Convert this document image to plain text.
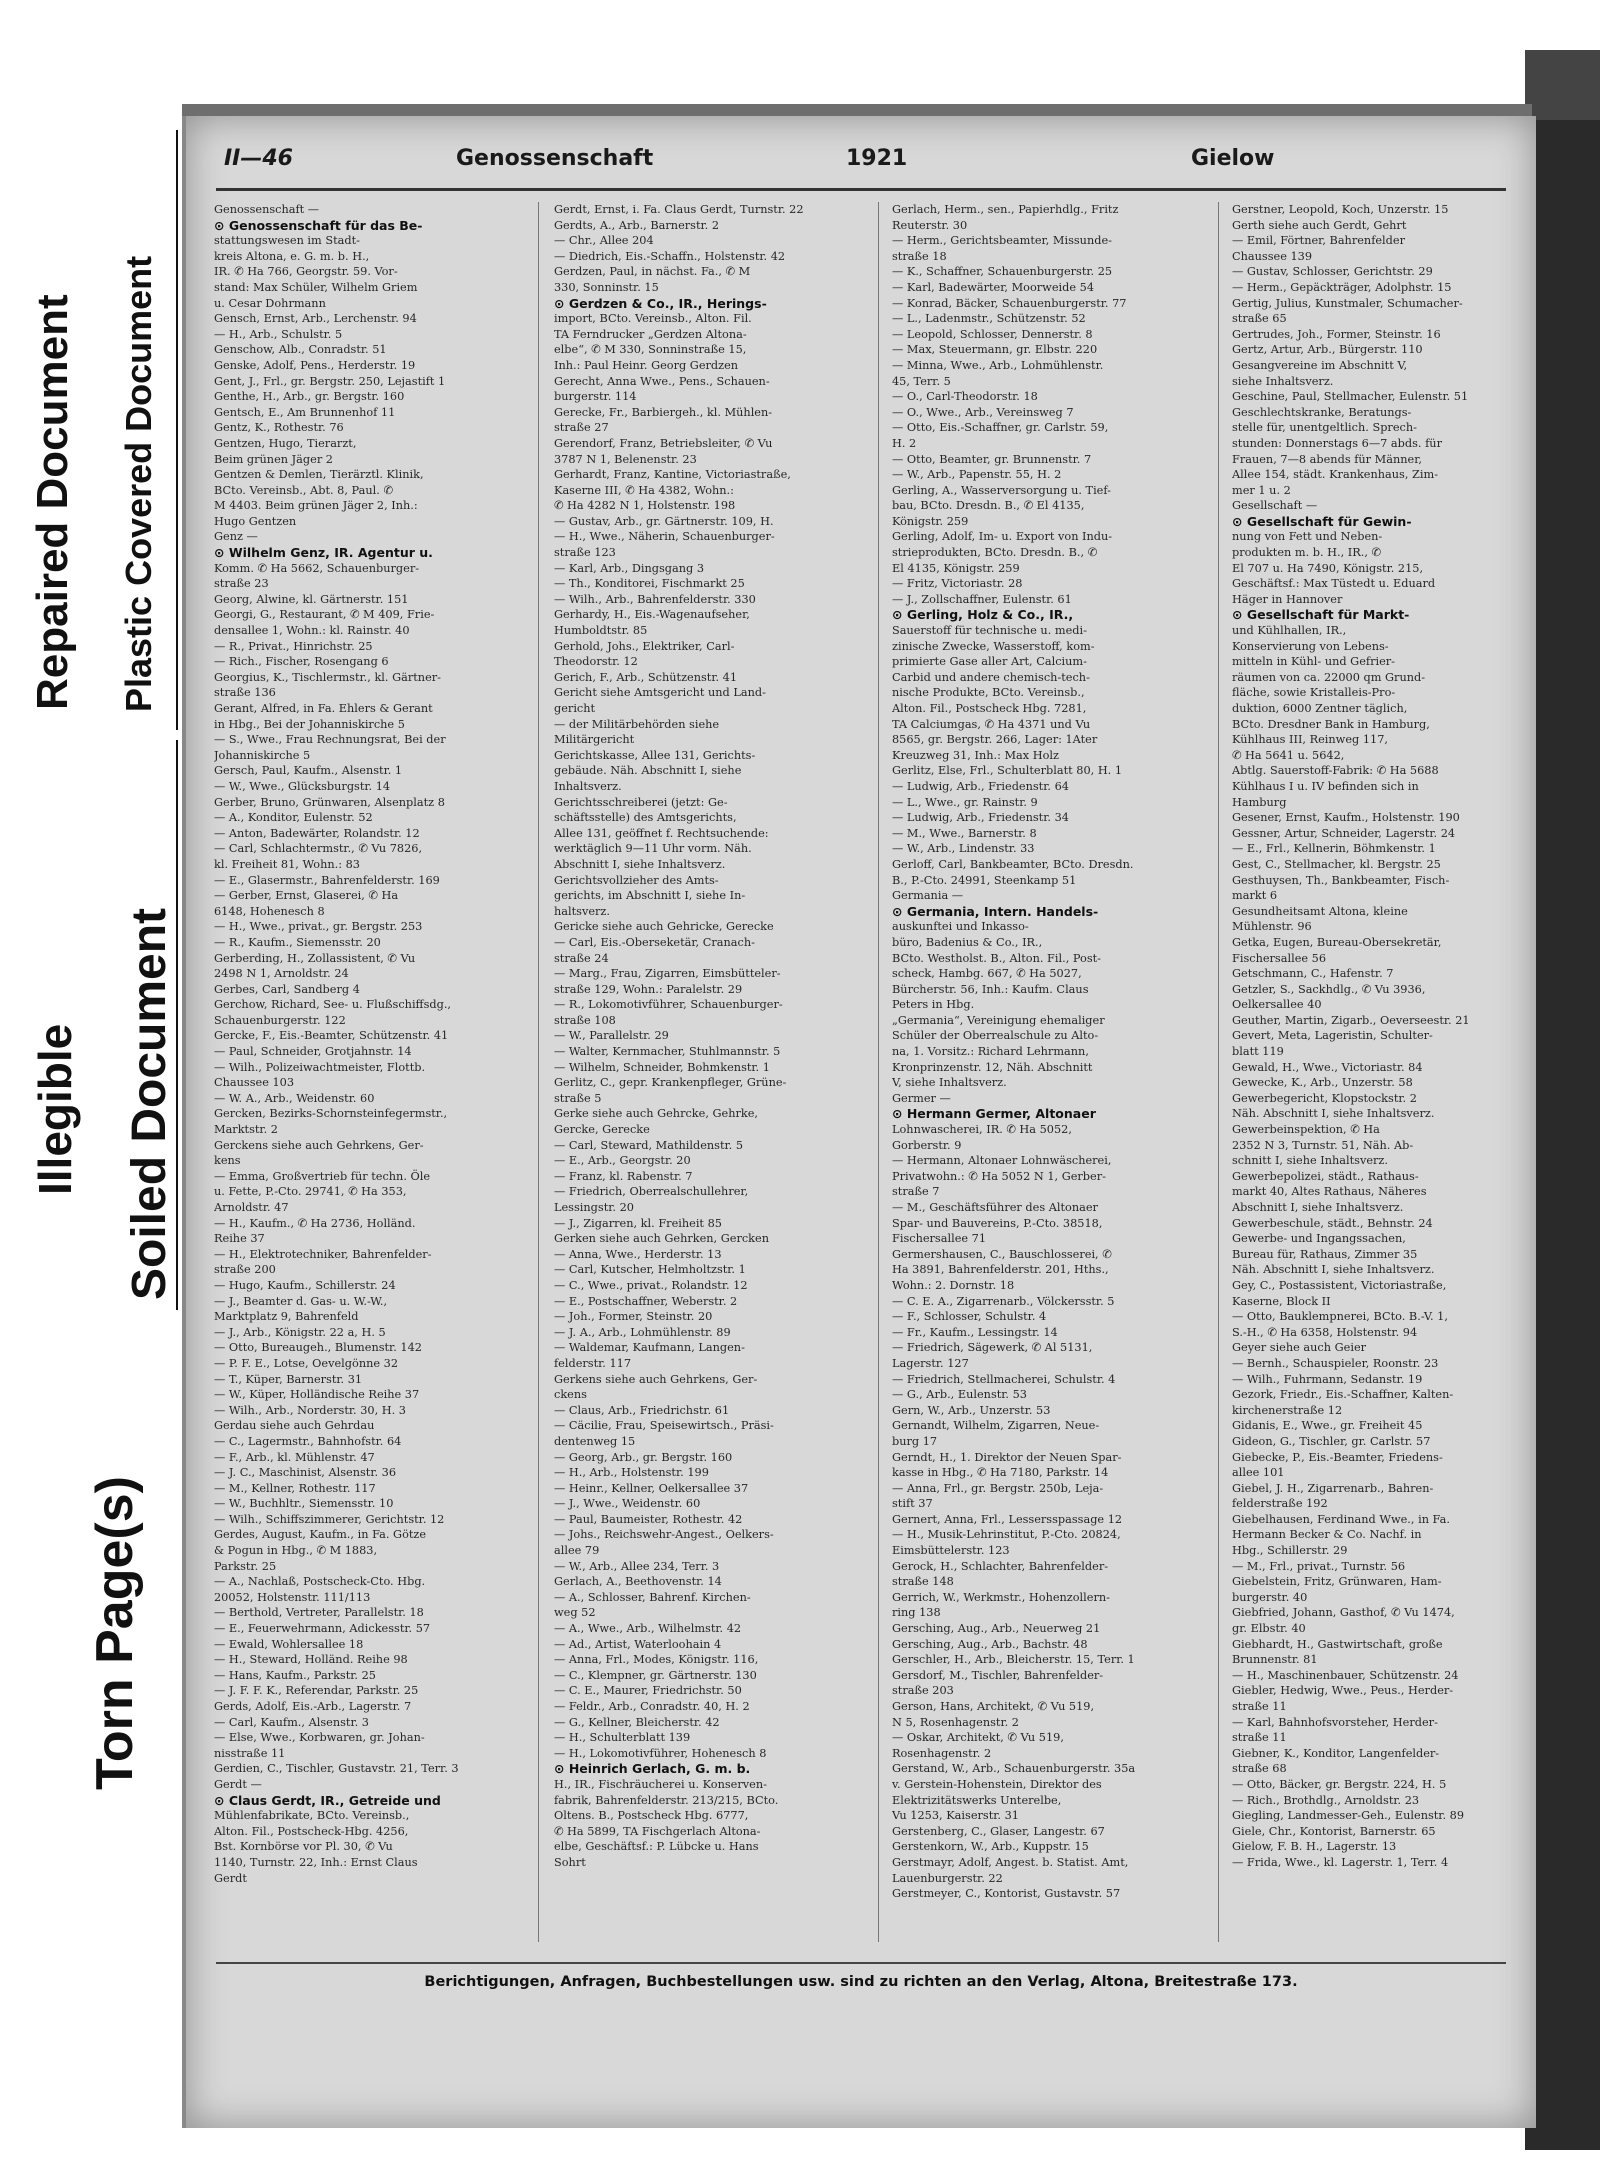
Repaired Document Plastic Covered Document
Illegible Soiled Document
Torn Page(s)
II—46	Genossenschaft	1921	Gielow
Genossenschaft —
⊙ Genossenschaft für das Be-
stattungswesen im Stadt-
kreis Altona, e. G. m. b. H.,
IR. ✆ Ha 766, Georgstr. 59. Vor-
stand: Max Schüler, Wilhelm Griem
u. Cesar Dohrmann
Gensch, Ernst, Arb., Lerchenstr. 94
— H., Arb., Schulstr. 5
Genschow, Alb., Conradstr. 51
Genske, Adolf, Pens., Herderstr. 19
Gent, J., Frl., gr. Bergstr. 250, Lejastift 1
Genthe, H., Arb., gr. Bergstr. 160
Gentsch, E., Am Brunnenhof 11
Gentz, K., Rothestr. 76
Gentzen, Hugo, Tierarzt,
Beim grünen Jäger 2
Gentzen & Demlen, Tierärztl. Klinik,
BCto. Vereinsb., Abt. 8, Paul. ✆
M 4403. Beim grünen Jäger 2, Inh.:
Hugo Gentzen
Genz —
⊙ Wilhelm Genz, IR. Agentur u.
Komm. ✆ Ha 5662, Schauenburger-
straße 23
Georg, Alwine, kl. Gärtnerstr. 151
Georgi, G., Restaurant, ✆ M 409, Frie-
densallee 1, Wohn.: kl. Rainstr. 40
— R., Privat., Hinrichstr. 25
— Rich., Fischer, Rosengang 6
Georgius, K., Tischlermstr., kl. Gärtner-
straße 136
Gerant, Alfred, in Fa. Ehlers & Gerant
in Hbg., Bei der Johanniskirche 5
— S., Wwe., Frau Rechnungsrat, Bei der
Johanniskirche 5
Gersch, Paul, Kaufm., Alsenstr. 1
— W., Wwe., Glücksburgstr. 14
Gerber, Bruno, Grünwaren, Alsenplatz 8
— A., Konditor, Eulenstr. 52
— Anton, Badewärter, Rolandstr. 12
— Carl, Schlachtermstr., ✆ Vu 7826,
kl. Freiheit 81, Wohn.: 83
— E., Glasermstr., Bahrenfelderstr. 169
— Gerber, Ernst, Glaserei, ✆ Ha
6148, Hohenesch 8
— H., Wwe., privat., gr. Bergstr. 253
— R., Kaufm., Siemensstr. 20
Gerberding, H., Zollassistent, ✆ Vu
2498 N 1, Arnoldstr. 24
Gerbes, Carl, Sandberg 4
Gerchow, Richard, See- u. Flußschiffsdg.,
Schauenburgerstr. 122
Gercke, F., Eis.-Beamter, Schützenstr. 41
— Paul, Schneider, Grotjahnstr. 14
— Wilh., Polizeiwachtmeister, Flottb.
Chaussee 103
— W. A., Arb., Weidenstr. 60
Gercken, Bezirks-Schornsteinfegermstr.,
Marktstr. 2
Gerckens siehe auch Gehrkens, Ger-
kens
— Emma, Großvertrieb für techn. Öle
u. Fette, P.-Cto. 29741, ✆ Ha 353,
Arnoldstr. 47
— H., Kaufm., ✆ Ha 2736, Holländ.
Reihe 37
— H., Elektrotechniker, Bahrenfelder-
straße 200
— Hugo, Kaufm., Schillerstr. 24
— J., Beamter d. Gas- u. W.-W.,
Marktplatz 9, Bahrenfeld
— J., Arb., Königstr. 22 a, H. 5
— Otto, Bureaugeh., Blumenstr. 142
— P. F. E., Lotse, Oevelgönne 32
— T., Küper, Barnerstr. 31
— W., Küper, Holländische Reihe 37
— Wilh., Arb., Norderstr. 30, H. 3
Gerdau siehe auch Gehrdau
— C., Lagermstr., Bahnhofstr. 64
— F., Arb., kl. Mühlenstr. 47
— J. C., Maschinist, Alsenstr. 36
— M., Kellner, Rothestr. 117
— W., Buchhltr., Siemensstr. 10
— Wilh., Schiffszimmerer, Gerichtstr. 12
Gerdes, August, Kaufm., in Fa. Götze
& Pogun in Hbg., ✆ M 1883,
Parkstr. 25
— A., Nachlaß, Postscheck-Cto. Hbg.
20052, Holstenstr. 111/113
— Berthold, Vertreter, Parallelstr. 18
— E., Feuerwehrmann, Adickesstr. 57
— Ewald, Wohlersallee 18
— H., Steward, Holländ. Reihe 98
— Hans, Kaufm., Parkstr. 25
— J. F. F. K., Referendar, Parkstr. 25
Gerds, Adolf, Eis.-Arb., Lagerstr. 7
— Carl, Kaufm., Alsenstr. 3
— Else, Wwe., Korbwaren, gr. Johan-
nisstraße 11
Gerdien, C., Tischler, Gustavstr. 21, Terr. 3
Gerdt —
⊙ Claus Gerdt, IR., Getreide und
Mühlenfabrikate, BCto. Vereinsb.,
Alton. Fil., Postscheck-Hbg. 4256,
Bst. Kornbörse vor Pl. 30, ✆ Vu
1140, Turnstr. 22, Inh.: Ernst Claus
Gerdt
Gerdt, Ernst, i. Fa. Claus Gerdt, Turnstr. 22
Gerdts, A., Arb., Barnerstr. 2
— Chr., Allee 204
— Diedrich, Eis.-Schaffn., Holstenstr. 42
Gerdzen, Paul, in nächst. Fa., ✆ M
330, Sonninstr. 15
⊙ Gerdzen & Co., IR., Herings-
import, BCto. Vereinsb., Alton. Fil.
TA Ferndrucker „Gerdzen Altona-
elbe“, ✆ M 330, Sonninstraße 15,
Inh.: Paul Heinr. Georg Gerdzen
Gerecht, Anna Wwe., Pens., Schauen-
burgerstr. 114
Gerecke, Fr., Barbiergeh., kl. Mühlen-
straße 27
Gerendorf, Franz, Betriebsleiter, ✆ Vu
3787 N 1, Belenenstr. 23
Gerhardt, Franz, Kantine, Victoriastraße,
Kaserne III, ✆ Ha 4382, Wohn.:
✆ Ha 4282 N 1, Holstenstr. 198
— Gustav, Arb., gr. Gärtnerstr. 109, H.
— H., Wwe., Näherin, Schauenburger-
straße 123
— Karl, Arb., Dingsgang 3
— Th., Konditorei, Fischmarkt 25
— Wilh., Arb., Bahrenfelderstr. 330
Gerhardy, H., Eis.-Wagenaufseher,
Humboldtstr. 85
Gerhold, Johs., Elektriker, Carl-
Theodorstr. 12
Gerich, F., Arb., Schützenstr. 41
Gericht siehe Amtsgericht und Land-
gericht
— der Militärbehörden siehe
Militärgericht
Gerichtskasse, Allee 131, Gerichts-
gebäude. Näh. Abschnitt I, siehe
Inhaltsverz.
Gerichtsschreiberei (jetzt: Ge-
schäftsstelle) des Amtsgerichts,
Allee 131, geöffnet f. Rechtsuchende:
werktäglich 9—11 Uhr vorm. Näh.
Abschnitt I, siehe Inhaltsverz.
Gerichtsvollzieher des Amts-
gerichts, im Abschnitt I, siehe In-
haltsverz.
Gericke siehe auch Gehricke, Gerecke
— Carl, Eis.-Oberseketär, Cranach-
straße 24
— Marg., Frau, Zigarren, Eimsbütteler-
straße 129, Wohn.: Paralelstr. 29
— R., Lokomotivführer, Schauenburger-
straße 108
— W., Parallelstr. 29
— Walter, Kernmacher, Stuhlmannstr. 5
— Wilhelm, Schneider, Bohmkenstr. 1
Gerlitz, C., gepr. Krankenpfleger, Grüne-
straße 5
Gerke siehe auch Gehrcke, Gehrke,
Gercke, Gerecke
— Carl, Steward, Mathildenstr. 5
— E., Arb., Georgstr. 20
— Franz, kl. Rabenstr. 7
— Friedrich, Oberrealschullehrer,
Lessingstr. 20
— J., Zigarren, kl. Freiheit 85
Gerken siehe auch Gehrken, Gercken
— Anna, Wwe., Herderstr. 13
— Carl, Kutscher, Helmholtzstr. 1
— C., Wwe., privat., Rolandstr. 12
— E., Postschaffner, Weberstr. 2
— Joh., Former, Steinstr. 20
— J. A., Arb., Lohmühlenstr. 89
— Waldemar, Kaufmann, Langen-
felderstr. 117
Gerkens siehe auch Gehrkens, Ger-
ckens
— Claus, Arb., Friedrichstr. 61
— Cäcilie, Frau, Speisewirtsch., Präsi-
dentenweg 15
— Georg, Arb., gr. Bergstr. 160
— H., Arb., Holstenstr. 199
— Heinr., Kellner, Oelkersallee 37
— J., Wwe., Weidenstr. 60
— Paul, Baumeister, Rothestr. 42
— Johs., Reichswehr-Angest., Oelkers-
allee 79
— W., Arb., Allee 234, Terr. 3
Gerlach, A., Beethovenstr. 14
— A., Schlosser, Bahrenf. Kirchen-
weg 52
— A., Wwe., Arb., Wilhelmstr. 42
— Ad., Artist, Waterloohain 4
— Anna, Frl., Modes, Königstr. 116,
— C., Klempner, gr. Gärtnerstr. 130
— C. E., Maurer, Friedrichstr. 50
— Feldr., Arb., Conradstr. 40, H. 2
— G., Kellner, Bleicherstr. 42
— H., Schulterblatt 139
— H., Lokomotivführer, Hohenesch 8
⊙ Heinrich Gerlach, G. m. b.
H., IR., Fischräucherei u. Konserven-
fabrik, Bahrenfelderstr. 213/215, BCto.
Oltens. B., Postscheck Hbg. 6777,
✆ Ha 5899, TA Fischgerlach Altona-
elbe, Geschäftsf.: P. Lübcke u. Hans
Sohrt
Gerlach, Herm., sen., Papierhdlg., Fritz
Reuterstr. 30
— Herm., Gerichtsbeamter, Missunde-
straße 18
— K., Schaffner, Schauenburgerstr. 25
— Karl, Badewärter, Moorweide 54
— Konrad, Bäcker, Schauenburgerstr. 77
— L., Ladenmstr., Schützenstr. 52
— Leopold, Schlosser, Dennerstr. 8
— Max, Steuermann, gr. Elbstr. 220
— Minna, Wwe., Arb., Lohmühlenstr.
45, Terr. 5
— O., Carl-Theodorstr. 18
— O., Wwe., Arb., Vereinsweg 7
— Otto, Eis.-Schaffner, gr. Carlstr. 59,
H. 2
— Otto, Beamter, gr. Brunnenstr. 7
— W., Arb., Papenstr. 55, H. 2
Gerling, A., Wasserversorgung u. Tief-
bau, BCto. Dresdn. B., ✆ El 4135,
Königstr. 259
Gerling, Adolf, Im- u. Export von Indu-
strieprodukten, BCto. Dresdn. B., ✆
El 4135, Königstr. 259
— Fritz, Victoriastr. 28
— J., Zollschaffner, Eulenstr. 61
⊙ Gerling, Holz & Co., IR.,
Sauerstoff für technische u. medi-
zinische Zwecke, Wasserstoff, kom-
primierte Gase aller Art, Calcium-
Carbid und andere chemisch-tech-
nische Produkte, BCto. Vereinsb.,
Alton. Fil., Postscheck Hbg. 7281,
TA Calciumgas, ✆ Ha 4371 und Vu
8565, gr. Bergstr. 266, Lager: 1Ater
Kreuzweg 31, Inh.: Max Holz
Gerlitz, Else, Frl., Schulterblatt 80, H. 1
— Ludwig, Arb., Friedenstr. 64
— L., Wwe., gr. Rainstr. 9
— Ludwig, Arb., Friedenstr. 34
— M., Wwe., Barnerstr. 8
— W., Arb., Lindenstr. 33
Gerloff, Carl, Bankbeamter, BCto. Dresdn.
B., P.-Cto. 24991, Steenkamp 51
Germania —
⊙ Germania, Intern. Handels-
auskunftei und Inkasso-
büro, Badenius & Co., IR.,
BCto. Westholst. B., Alton. Fil., Post-
scheck, Hambg. 667, ✆ Ha 5027,
Bürcherstr. 56, Inh.: Kaufm. Claus
Peters in Hbg.
„Germania“, Vereinigung ehemaliger
Schüler der Oberrealschule zu Alto-
na, 1. Vorsitz.: Richard Lehrmann,
Kronprinzenstr. 12, Näh. Abschnitt
V, siehe Inhaltsverz.
Germer —
⊙ Hermann Germer, Altonaer
Lohnwascherei, IR. ✆ Ha 5052,
Gorberstr. 9
— Hermann, Altonaer Lohnwäscherei,
Privatwohn.: ✆ Ha 5052 N 1, Gerber-
straße 7
— M., Geschäftsführer des Altonaer
Spar- und Bauvereins, P.-Cto. 38518,
Fischersallee 71
Germershausen, C., Bauschlosserei, ✆
Ha 3891, Bahrenfelderstr. 201, Hths.,
Wohn.: 2. Dornstr. 18
— C. E. A., Zigarrenarb., Völckersstr. 5
— F., Schlosser, Schulstr. 4
— Fr., Kaufm., Lessingstr. 14
— Friedrich, Sägewerk, ✆ Al 5131,
Lagerstr. 127
— Friedrich, Stellmacherei, Schulstr. 4
— G., Arb., Eulenstr. 53
Gern, W., Arb., Unzerstr. 53
Gernandt, Wilhelm, Zigarren, Neue-
burg 17
Gerndt, H., 1. Direktor der Neuen Spar-
kasse in Hbg., ✆ Ha 7180, Parkstr. 14
— Anna, Frl., gr. Bergstr. 250b, Leja-
stift 37
Gernert, Anna, Frl., Lessersspassage 12
— H., Musik-Lehrinstitut, P.-Cto. 20824,
Eimsbüttelerstr. 123
Gerock, H., Schlachter, Bahrenfelder-
straße 148
Gerrich, W., Werkmstr., Hohenzollern-
ring 138
Gersching, Aug., Arb., Neuerweg 21
Gersching, Aug., Arb., Bachstr. 48
Gerschler, H., Arb., Bleicherstr. 15, Terr. 1
Gersdorf, M., Tischler, Bahrenfelder-
straße 203
Gerson, Hans, Architekt, ✆ Vu 519,
N 5, Rosenhagenstr. 2
— Oskar, Architekt, ✆ Vu 519,
Rosenhagenstr. 2
Gerstand, W., Arb., Schauenburgerstr. 35a
v. Gerstein-Hohenstein, Direktor des
Elektrizitätswerks Unterelbe,
Vu 1253, Kaiserstr. 31
Gerstenberg, C., Glaser, Langestr. 67
Gerstenkorn, W., Arb., Kuppstr. 15
Gerstmayr, Adolf, Angest. b. Statist. Amt,
Lauenburgerstr. 22
Gerstmeyer, C., Kontorist, Gustavstr. 57
Gerstner, Leopold, Koch, Unzerstr. 15
Gerth siehe auch Gerdt, Gehrt
— Emil, Förtner, Bahrenfelder
Chaussee 139
— Gustav, Schlosser, Gerichtstr. 29
— Herm., Gepäckträger, Adolphstr. 15
Gertig, Julius, Kunstmaler, Schumacher-
straße 65
Gertrudes, Joh., Former, Steinstr. 16
Gertz, Artur, Arb., Bürgerstr. 110
Gesangvereine im Abschnitt V,
siehe Inhaltsverz.
Geschine, Paul, Stellmacher, Eulenstr. 51
Geschlechtskranke, Beratungs-
stelle für, unentgeltlich. Sprech-
stunden: Donnerstags 6—7 abds. für
Frauen, 7—8 abends für Männer,
Allee 154, städt. Krankenhaus, Zim-
mer 1 u. 2
Gesellschaft —
⊙ Gesellschaft für Gewin-
nung von Fett und Neben-
produkten m. b. H., IR., ✆
El 707 u. Ha 7490, Königstr. 215,
Geschäftsf.: Max Tüstedt u. Eduard
Häger in Hannover
⊙ Gesellschaft für Markt-
und Kühlhallen, IR.,
Konservierung von Lebens-
mitteln in Kühl- und Gefrier-
räumen von ca. 22000 qm Grund-
fläche, sowie Kristalleis-Pro-
duktion, 6000 Zentner täglich,
BCto. Dresdner Bank in Hamburg,
Kühlhaus III, Reinweg 117,
✆ Ha 5641 u. 5642,
Abtlg. Sauerstoff-Fabrik: ✆ Ha 5688
Kühlhaus I u. IV befinden sich in
Hamburg
Gesener, Ernst, Kaufm., Holstenstr. 190
Gessner, Artur, Schneider, Lagerstr. 24
— E., Frl., Kellnerin, Böhmkenstr. 1
Gest, C., Stellmacher, kl. Bergstr. 25
Gesthuysen, Th., Bankbeamter, Fisch-
markt 6
Gesundheitsamt Altona, kleine
Mühlenstr. 96
Getka, Eugen, Bureau-Obersekretär,
Fischersallee 56
Getschmann, C., Hafenstr. 7
Getzler, S., Sackhdlg., ✆ Vu 3936,
Oelkersallee 40
Geuther, Martin, Zigarb., Oeverseestr. 21
Gevert, Meta, Lageristin, Schulter-
blatt 119
Gewald, H., Wwe., Victoriastr. 84
Gewecke, K., Arb., Unzerstr. 58
Gewerbegericht, Klopstockstr. 2
Näh. Abschnitt I, siehe Inhaltsverz.
Gewerbeinspektion, ✆ Ha
2352 N 3, Turnstr. 51, Näh. Ab-
schnitt I, siehe Inhaltsverz.
Gewerbepolizei, städt., Rathaus-
markt 40, Altes Rathaus, Näheres
Abschnitt I, siehe Inhaltsverz.
Gewerbeschule, städt., Behnstr. 24
Gewerbe- und Ingangssachen,
Bureau für, Rathaus, Zimmer 35
Näh. Abschnitt I, siehe Inhaltsverz.
Gey, C., Postassistent, Victoriastraße,
Kaserne, Block II
— Otto, Bauklempnerei, BCto. B.-V. 1,
S.-H., ✆ Ha 6358, Holstenstr. 94
Geyer siehe auch Geier
— Bernh., Schauspieler, Roonstr. 23
— Wilh., Fuhrmann, Sedanstr. 19
Gezork, Friedr., Eis.-Schaffner, Kalten-
kirchenerstraße 12
Gidanis, E., Wwe., gr. Freiheit 45
Gideon, G., Tischler, gr. Carlstr. 57
Giebecke, P., Eis.-Beamter, Friedens-
allee 101
Giebel, J. H., Zigarrenarb., Bahren-
felderstraße 192
Giebelhausen, Ferdinand Wwe., in Fa.
Hermann Becker & Co. Nachf. in
Hbg., Schillerstr. 29
— M., Frl., privat., Turnstr. 56
Giebelstein, Fritz, Grünwaren, Ham-
burgerstr. 40
Giebfried, Johann, Gasthof, ✆ Vu 1474,
gr. Elbstr. 40
Giebhardt, H., Gastwirtschaft, große
Brunnenstr. 81
— H., Maschinenbauer, Schützenstr. 24
Giebler, Hedwig, Wwe., Peus., Herder-
straße 11
— Karl, Bahnhofsvorsteher, Herder-
straße 11
Giebner, K., Konditor, Langenfelder-
straße 68
— Otto, Bäcker, gr. Bergstr. 224, H. 5
— Rich., Brothdlg., Arnoldstr. 23
Giegling, Landmesser-Geh., Eulenstr. 89
Giele, Chr., Kontorist, Barnerstr. 65
Gielow, F. B. H., Lagerstr. 13
— Frida, Wwe., kl. Lagerstr. 1, Terr. 4
Berichtigungen, Anfragen, Buchbestellungen usw. sind zu richten an den Verlag, Altona, Breitestraße 173.
